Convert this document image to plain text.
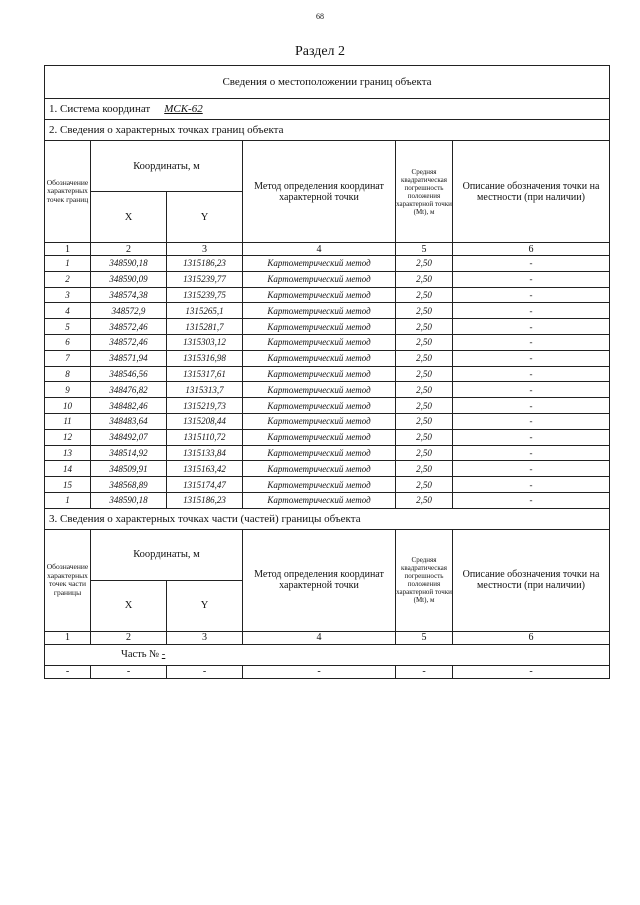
68
Раздел 2
Сведения о местоположении границ объекта					
1. Система координат МСК-62					
2. Сведения о характерных точках границ объекта					
Обозначение характерных точек границ	Координаты, м		Метод определения координат характерной точки	Средняя квадратическая погрешность положения характерной точки (Mt), м	Описание обозначения точки на местности (при наличии)
	X	Y			
1	2	3	4	5	6
1	348590,18	1315186,23	Картометрический метод	2,50	-
2	348590,09	1315239,77	Картометрический метод	2,50	-
3	348574,38	1315239,75	Картометрический метод	2,50	-
4	348572,9	1315265,1	Картометрический метод	2,50	-
5	348572,46	1315281,7	Картометрический метод	2,50	-
6	348572,46	1315303,12	Картометрический метод	2,50	-
7	348571,94	1315316,98	Картометрический метод	2,50	-
8	348546,56	1315317,61	Картометрический метод	2,50	-
9	348476,82	1315313,7	Картометрический метод	2,50	-
10	348482,46	1315219,73	Картометрический метод	2,50	-
11	348483,64	1315208,44	Картометрический метод	2,50	-
12	348492,07	1315110,72	Картометрический метод	2,50	-
13	348514,92	1315133,84	Картометрический метод	2,50	-
14	348509,91	1315163,42	Картометрический метод	2,50	-
15	348568,89	1315174,47	Картометрический метод	2,50	-
1	348590,18	1315186,23	Картометрический метод	2,50	-
3. Сведения о характерных точках части (частей) границы объекта					
Обозначение характерных точек части границы	Координаты, м		Метод определения координат характерной точки	Средняя квадратическая погрешность положения характерной точки (Mt), м	Описание обозначения точки на местности (при наличии)
	X	Y			
1	2	3	4	5	6
Часть № -					
-	-	-	-	-	-
